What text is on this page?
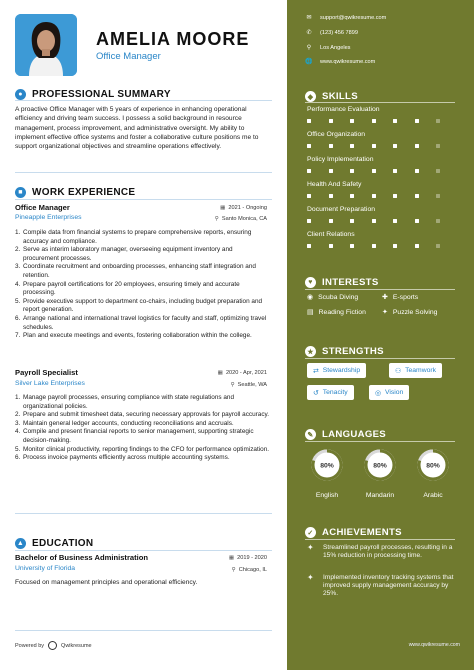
AMELIA MOORE
Office Manager
● PROFESSIONAL SUMMARY
A proactive Office Manager with 5 years of experience in enhancing operational efficiency and driving team success. I possess a solid background in resource management, process improvement, and administrative oversight. My ability to implement effective office systems and foster a collaborative culture positions me to support organizational objectives and streamline operations effectively.
■ WORK EXPERIENCE
Office Manager	▦ 2021 - Ongoing
Pineapple Enterprises	⚲ Santo Monica, CA
1. Compile data from financial systems to prepare comprehensive reports, ensuring accuracy and compliance.
2. Serve as interim laboratory manager, overseeing equipment inventory and procurement processes.
3. Coordinate recruitment and onboarding processes, enhancing staff integration and retention.
4. Prepare payroll certifications for 20 employees, ensuring timely and accurate processing.
5. Provide executive support to department co-chairs, including budget preparation and report generation.
6. Arrange national and international travel logistics for faculty and staff, optimizing travel schedules.
7. Plan and execute meetings and events, fostering collaboration within the college.
Payroll Specialist	▦ 2020 - Apr, 2021
Silver Lake Enterprises	⚲ Seattle, WA
1. Manage payroll processes, ensuring compliance with state regulations and organizational policies.
2. Prepare and submit timesheet data, securing necessary approvals for payroll accuracy.
3. Maintain general ledger accounts, conducting reconciliations and accruals.
4. Compile and present financial reports to senior management, supporting strategic decision-making.
5. Monitor clinical productivity, reporting findings to the CFO for performance optimization.
6. Process invoice payments efficiently across multiple accounting systems.
▲ EDUCATION
Bachelor of Business Administration	▦ 2019 - 2020
University of Florida	⚲ Chicago, IL
Focused on management principles and operational efficiency.
Powered by	Qwikresume
✉ support@qwikresume.com
✆ (123) 456 7899
⚲	Los Angeles
🌐 www.qwikresume.com
◆ SKILLS
Performance Evaluation
Office Organization
Policy Implementation
Health And Safety
Document Preparation
Client Relations
♥ INTERESTS
◉ Scuba Diving	✚ E-sports
▤ Reading Fiction ✦ Puzzle Solving
★ STRENGTHS
⇄ Stewardship	⚇ Teamwork
↺ Tenacity	◎ Vision
✎ LANGUAGES
80%
English
80%
Mandarin
80%
Arabic
✓ ACHIEVEMENTS
✦	Streamlined payroll processes, resulting in a 15% reduction in processing time.
✦	Implemented inventory tracking systems that improved supply management accuracy by 25%.
www.qwikresume.com
